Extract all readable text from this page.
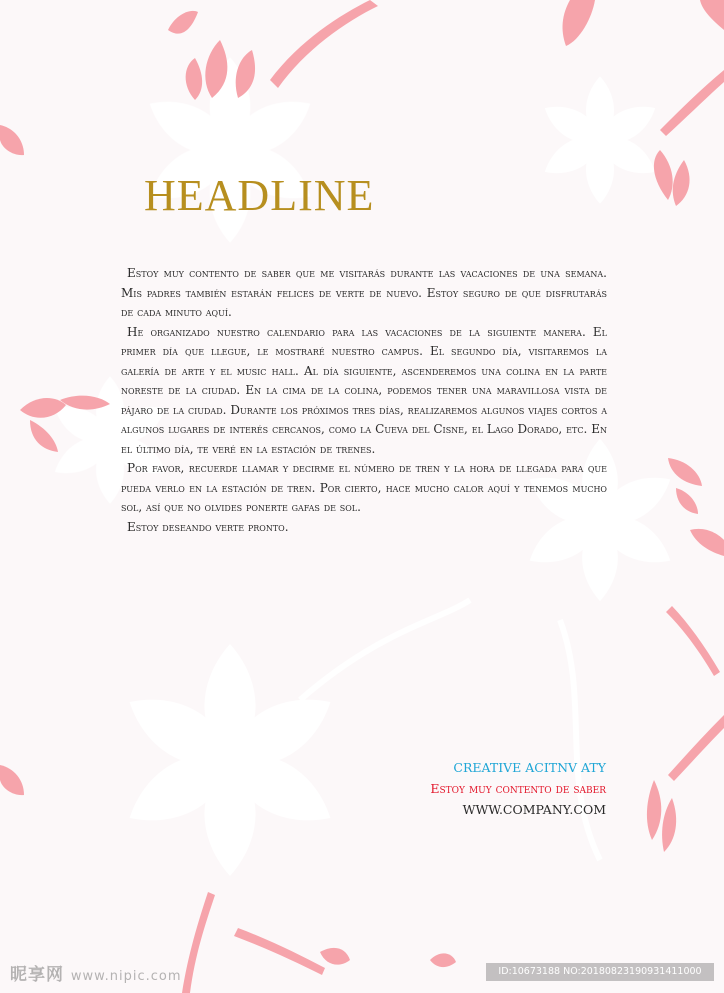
HEADLINE

Estoy muy contento de saber que me visitarás durante las vacaciones de una semana. Mis padres también estarán felices de verte de nuevo. Estoy seguro de que disfrutarás de cada minuto aquí.

He organizado nuestro calendario para las vacaciones de la siguiente manera. El primer día que llegue, le mostraré nuestro campus. El segundo día, visitaremos la galería de arte y el music hall. Al día siguiente, ascenderemos una colina en la parte noreste de la ciudad. En la cima de la colina, podemos tener una maravillosa vista de pájaro de la ciudad. Durante los próximos tres días, realizaremos algunos viajes cortos a algunos lugares de interés cercanos, como la Cueva del Cisne, el Lago Dorado, etc. En el último día, te veré en la estación de trenes.

Por favor, recuerde llamar y decirme el número de tren y la hora de llegada para que pueda verlo en la estación de tren. Por cierto, hace mucho calor aquí y tenemos mucho sol, así que no olvides ponerte gafas de sol.

Estoy deseando verte pronto.

CREATIVE ACITNV ATY
Estoy muy contento de saber
WWW.COMPANY.COM
昵享网 www.nipic.com	ID:10673188 NO:20180823190931411000
